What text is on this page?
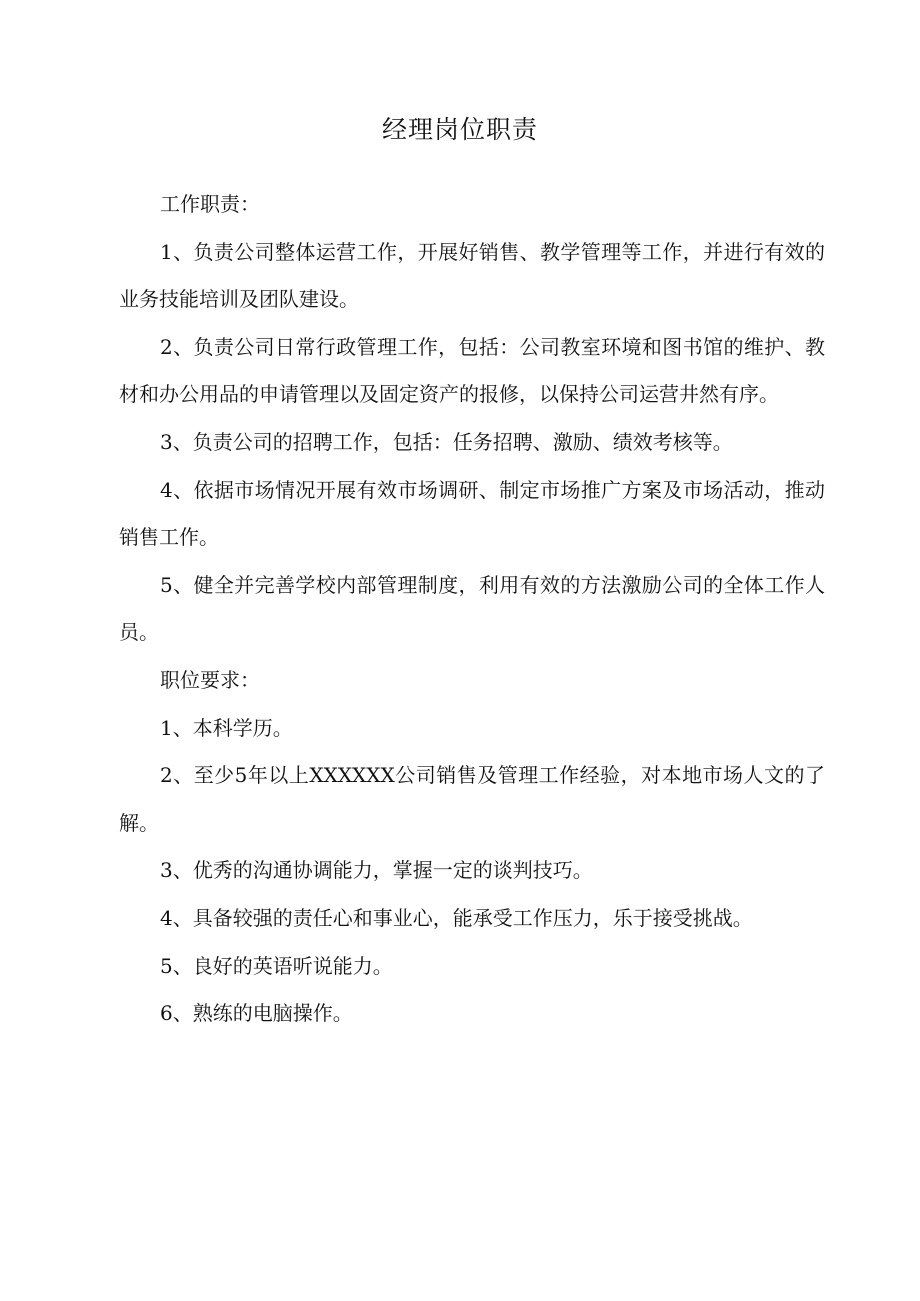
经理岗位职责

工作职责：

1、负责公司整体运营工作，开展好销售、教学管理等工作，并进行有效的业务技能培训及团队建设。

2、负责公司日常行政管理工作，包括：公司教室环境和图书馆的维护、教材和办公用品的申请管理以及固定资产的报修，以保持公司运营井然有序。

3、负责公司的招聘工作，包括：任务招聘、激励、绩效考核等。

4、依据市场情况开展有效市场调研、制定市场推广方案及市场活动，推动销售工作。

5、健全并完善学校内部管理制度，利用有效的方法激励公司的全体工作人员。

职位要求：

1、本科学历。

2、至少5年以上XXXXXX公司销售及管理工作经验，对本地市场人文的了解。

3、优秀的沟通协调能力，掌握一定的谈判技巧。

4、具备较强的责任心和事业心，能承受工作压力，乐于接受挑战。

5、良好的英语听说能力。

6、熟练的电脑操作。
